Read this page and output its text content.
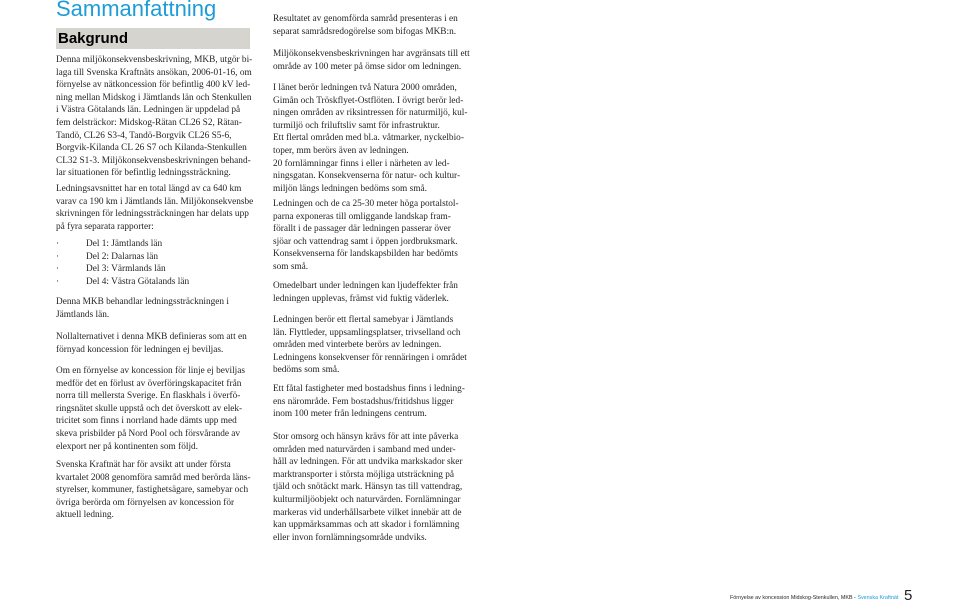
Sammanfattning
Bakgrund

Denna miljökonsekvensbeskrivning, MKB, utgör bi-
laga till Svenska Kraftnäts ansökan, 2006-01-16, om
förnyelse av nätkoncession för befintlig 400 kV led-
ning mellan Midskog i Jämtlands län och Stenkullen
i Västra Götalands län. Ledningen är uppdelad på
fem delsträckor: Midskog-Rätan CL26 S2, Rätan-
Tandö, CL26 S3-4, Tandö-Borgvik CL26 S5-6,
Borgvik-Kilanda CL 26 S7 och Kilanda-Stenkullen
CL32 S1-3. Miljökonsekvensbeskrivningen behand-
lar situationen för befintlig ledningssträckning.

Ledningsavsnittet har en total längd av ca 640 km
varav ca 190 km i Jämtlands län. Miljökonsekvensbe
skrivningen för ledningssträckningen har delats upp
på fyra separata rapporter:

·	Del 1: Jämtlands län
·	Del 2: Dalarnas län
·	Del 3: Värmlands län
·	Del 4: Västra Götalands län

Denna MKB behandlar ledningssträckningen i
Jämtlands län.

Nollalternativet i denna MKB definieras som att en
förnyad koncession för ledningen ej beviljas.

Om en förnyelse av koncession för linje ej beviljas
medför det en förlust av överföringskapacitet från
norra till mellersta Sverige. En flaskhals i överfö-
ringsnätet skulle uppstå och det överskott av elek-
tricitet som finns i norrland hade dämts upp med
skeva prisbilder på Nord Pool och försvårande av
elexport ner på kontinenten som följd.

Svenska Kraftnät har för avsikt att under första
kvartalet 2008 genomföra samråd med berörda läns-
styrelser, kommuner, fastighetsägare, samebyar och
övriga berörda om förnyelsen av koncession för
aktuell ledning.

Resultatet av genomförda samråd presenteras i en
separat samrådsredogörelse som bifogas MKB:n.

Miljökonsekvensbeskrivningen har avgränsats till ett
område av 100 meter på ömse sidor om ledningen.

I länet berör ledningen två Natura 2000 områden,
Gimån och Tröskflyet-Ostflöten. I övrigt berör led-
ningen områden av riksintressen för naturmiljö, kul-
turmiljö och friluftsliv samt för infrastruktur.
Ett flertal områden med bl.a. våtmarker, nyckelbio-
toper, mm berörs även av ledningen.
20 fornlämningar finns i eller i närheten av led-
ningsgatan. Konsekvenserna för natur- och kultur-
miljön längs ledningen bedöms som små.

Ledningen och de ca 25-30 meter höga portalstol-
parna exponeras till omliggande landskap fram-
förallt i de passager där ledningen passerar över
sjöar och vattendrag samt i öppen jordbruksmark.
Konsekvenserna för landskapsbilden har bedömts
som små.

Omedelbart under ledningen kan ljudeffekter från
ledningen upplevas, främst vid fuktig väderlek.

Ledningen berör ett flertal samebyar i Jämtlands
län. Flyttleder, uppsamlingsplatser, trivselland och
områden med vinterbete berörs av ledningen.
Ledningens konsekvenser för rennäringen i området
bedöms som små.

Ett fåtal fastigheter med bostadshus finns i ledning-
ens närområde. Fem bostadshus/fritidshus ligger
inom 100 meter från ledningens centrum.

Stor omsorg och hänsyn krävs för att inte påverka
områden med naturvärden i samband med under-
håll av ledningen. För att undvika markskador sker
marktransporter i största möjliga utsträckning på
tjäld och snötäckt mark. Hänsyn tas till vattendrag,
kulturmiljöobjekt och naturvärden. Fornlämningar
markeras vid underhållsarbete vilket innebär att de
kan uppmärksammas och att skador i fornlämning
eller invon fornlämningsområde undviks.

Förnyelse av koncession Midskog-Stenkullen, MKB - Svenska Kraftnät 5
